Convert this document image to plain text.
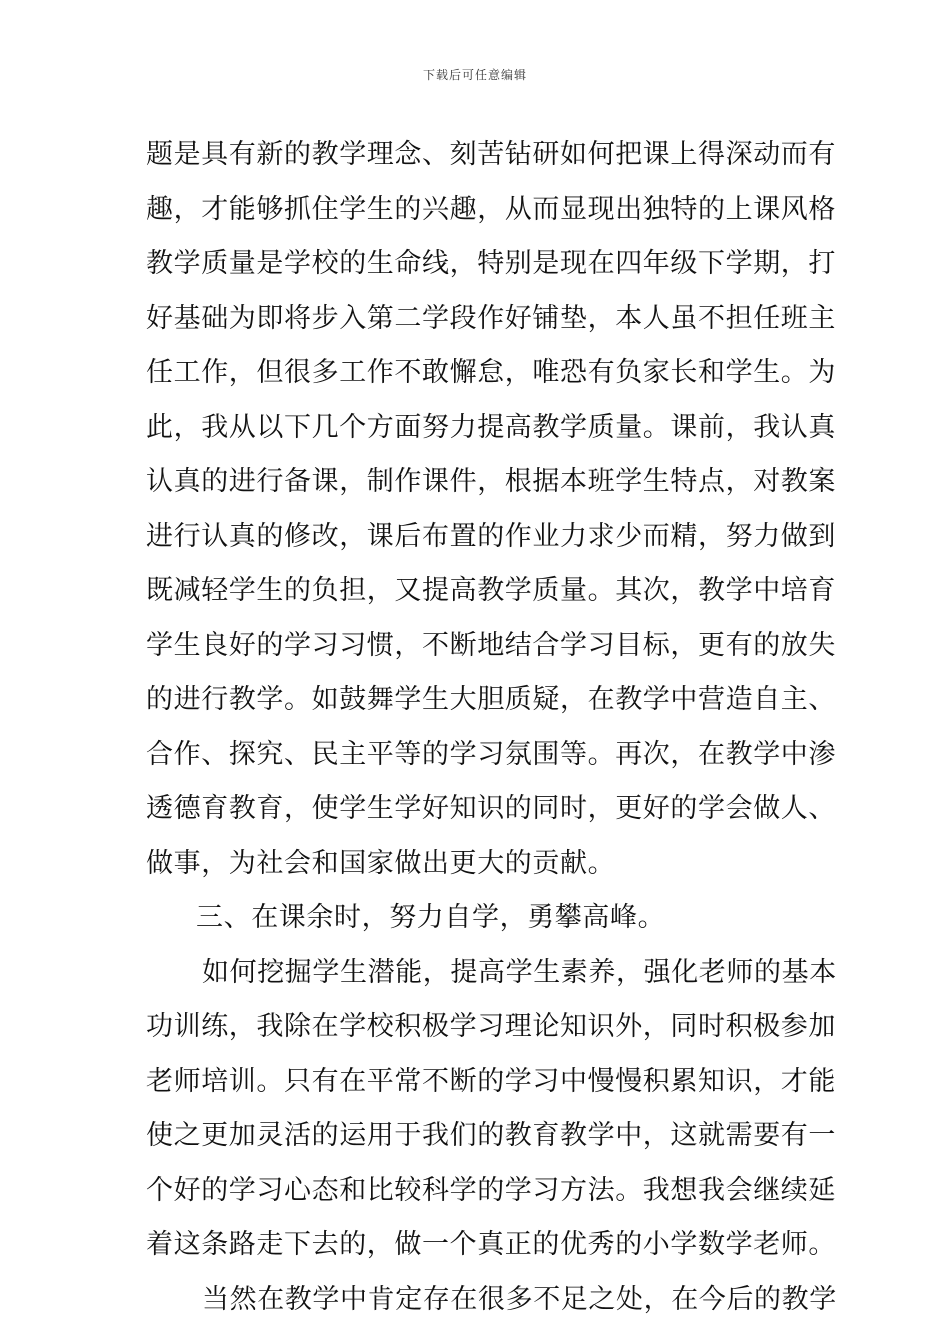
下载后可任意编辑
题是具有新的教学理念、刻苦钻研如何把课上得深动而有
趣，才能够抓住学生的兴趣，从而显现出独特的上课风格
教学质量是学校的生命线，特别是现在四年级下学期，打
好基础为即将步入第二学段作好铺垫，本人虽不担任班主
任工作，但很多工作不敢懈怠，唯恐有负家长和学生。为
此，我从以下几个方面努力提高教学质量。课前，我认真
认真的进行备课，制作课件，根据本班学生特点，对教案
进行认真的修改，课后布置的作业力求少而精，努力做到
既减轻学生的负担，又提高教学质量。其次，教学中培育
学生良好的学习习惯，不断地结合学习目标，更有的放失
的进行教学。如鼓舞学生大胆质疑，在教学中营造自主、
合作、探究、民主平等的学习氛围等。再次，在教学中渗
透德育教育，使学生学好知识的同时，更好的学会做人、
做事，为社会和国家做出更大的贡献。
三、在课余时，努力自学，勇攀高峰。
如何挖掘学生潜能，提高学生素养，强化老师的基本
功训练，我除在学校积极学习理论知识外，同时积极参加
老师培训。只有在平常不断的学习中慢慢积累知识，才能
使之更加灵活的运用于我们的教育教学中，这就需要有一
个好的学习心态和比较科学的学习方法。我想我会继续延
着这条路走下去的，做一个真正的优秀的小学数学老师。
当然在教学中肯定存在很多不足之处，在今后的教学
